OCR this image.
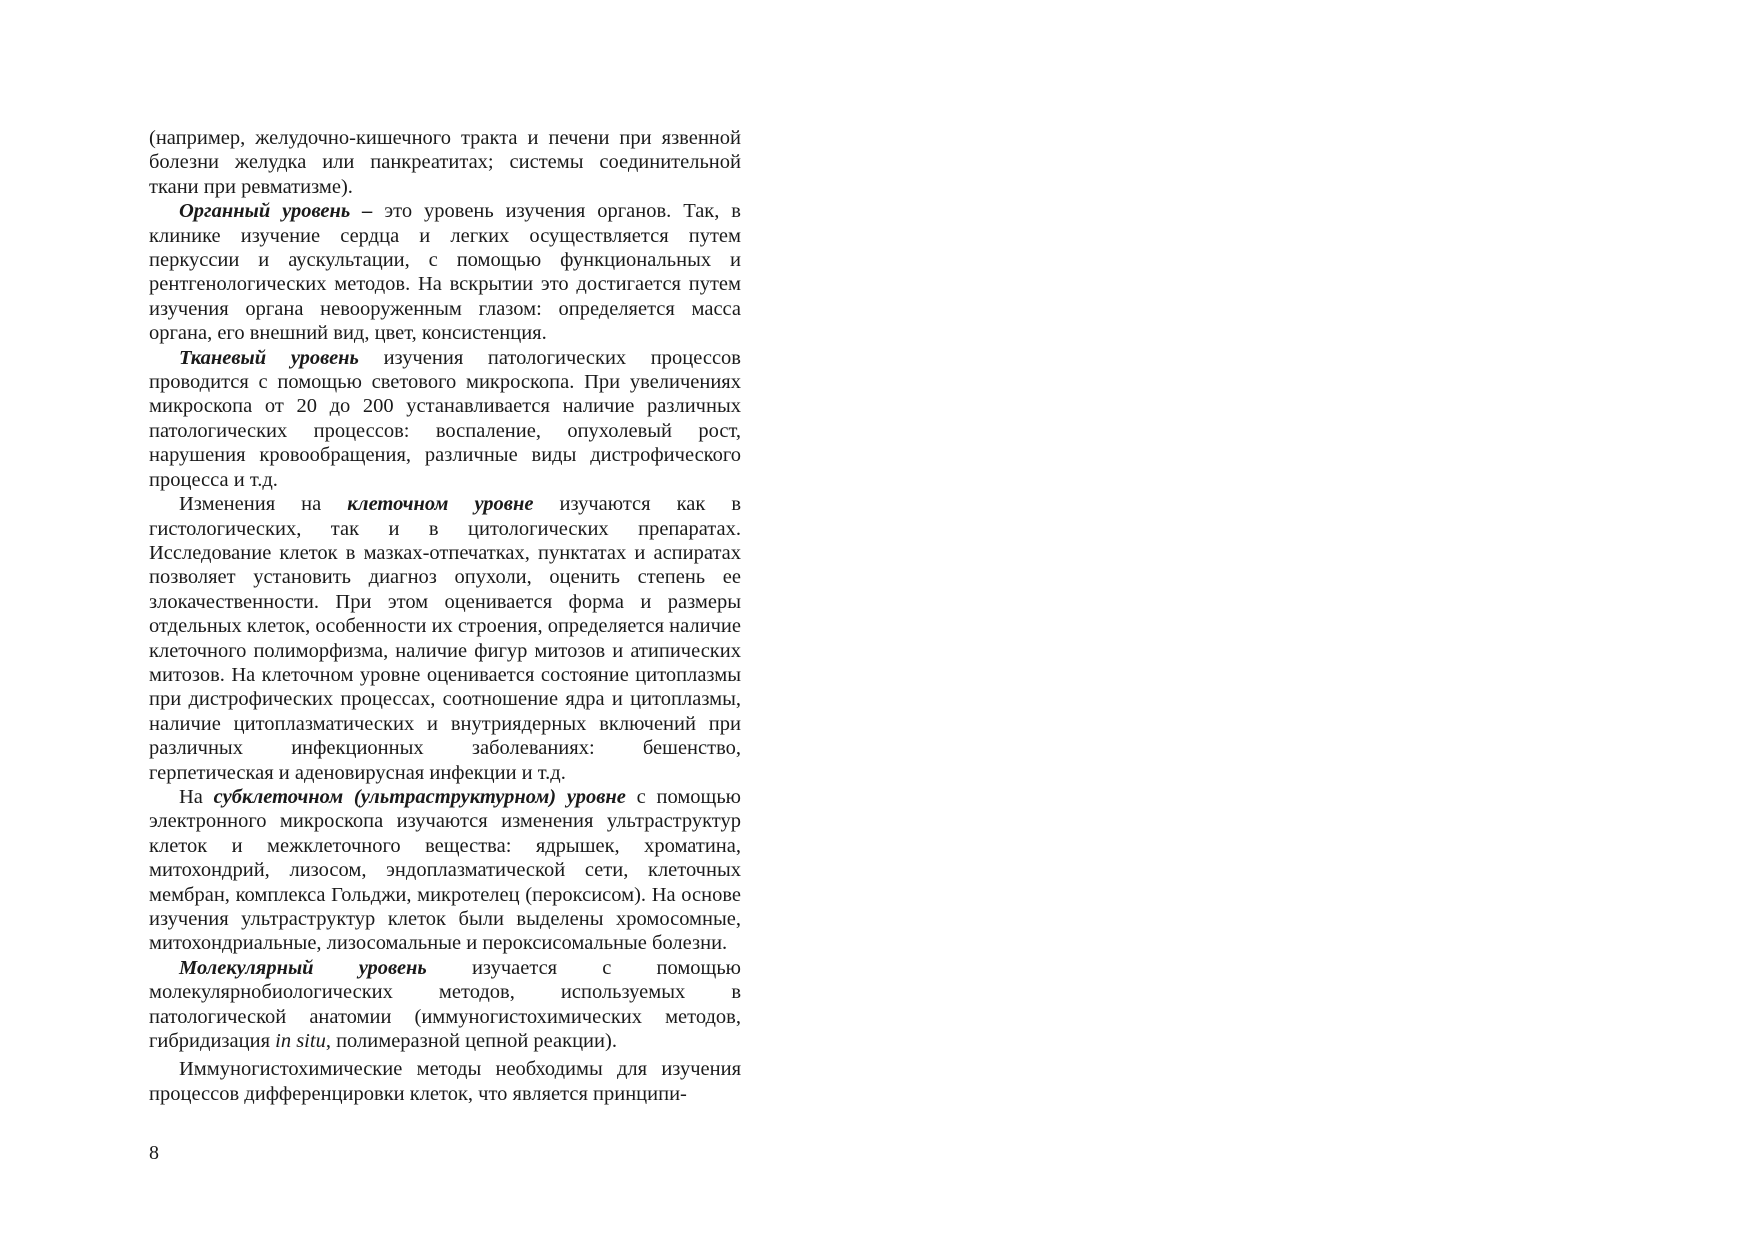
(например, желудочно-кишечного тракта и печени при язвенной болезни желудка или панкреатитах; системы соединительной ткани при ревматизме).

Органный уровень – это уровень изучения органов. Так, в клинике изучение сердца и легких осуществляется путем перкуссии и аускультации, с помощью функциональных и рентгенологических методов. На вскрытии это достигается путем изучения органа невооруженным глазом: определяется масса органа, его внешний вид, цвет, консистенция.

Тканевый уровень изучения патологических процессов проводится с помощью светового микроскопа. При увеличениях микроскопа от 20 до 200 устанавливается наличие различных патологических процессов: воспаление, опухолевый рост, нарушения кровообращения, различные виды дистрофического процесса и т.д.

Изменения на клеточном уровне изучаются как в гистологических, так и в цитологических препаратах. Исследование клеток в мазках-отпечатках, пунктатах и аспиратах позволяет установить диагноз опухоли, оценить степень ее злокачественности. При этом оценивается форма и размеры отдельных клеток, особенности их строения, определяется наличие клеточного полиморфизма, наличие фигур митозов и атипических митозов. На клеточном уровне оценивается состояние цитоплазмы при дистрофических процессах, соотношение ядра и цитоплазмы, наличие цитоплазматических и внутриядерных включений при различных инфекционных заболеваниях: бешенство, герпетическая и аденовирусная инфекции и т.д.

На субклеточном (ультраструктурном) уровне с помощью электронного микроскопа изучаются изменения ультраструктур клеток и межклеточного вещества: ядрышек, хроматина, митохондрий, лизосом, эндоплазматической сети, клеточных мембран, комплекса Гольджи, микротелец (пероксисом). На основе изучения ультраструктур клеток были выделены хромосомные, митохондриальные, лизосомальные и пероксисомальные болезни.

Молекулярный уровень изучается с помощью молекулярнобиологических методов, используемых в патологической анатомии (иммуногистохимических методов, гибридизация in situ, полимеразной цепной реакции).

Иммуногистохимические методы необходимы для изучения процессов дифференцировки клеток, что является принципи-

8
